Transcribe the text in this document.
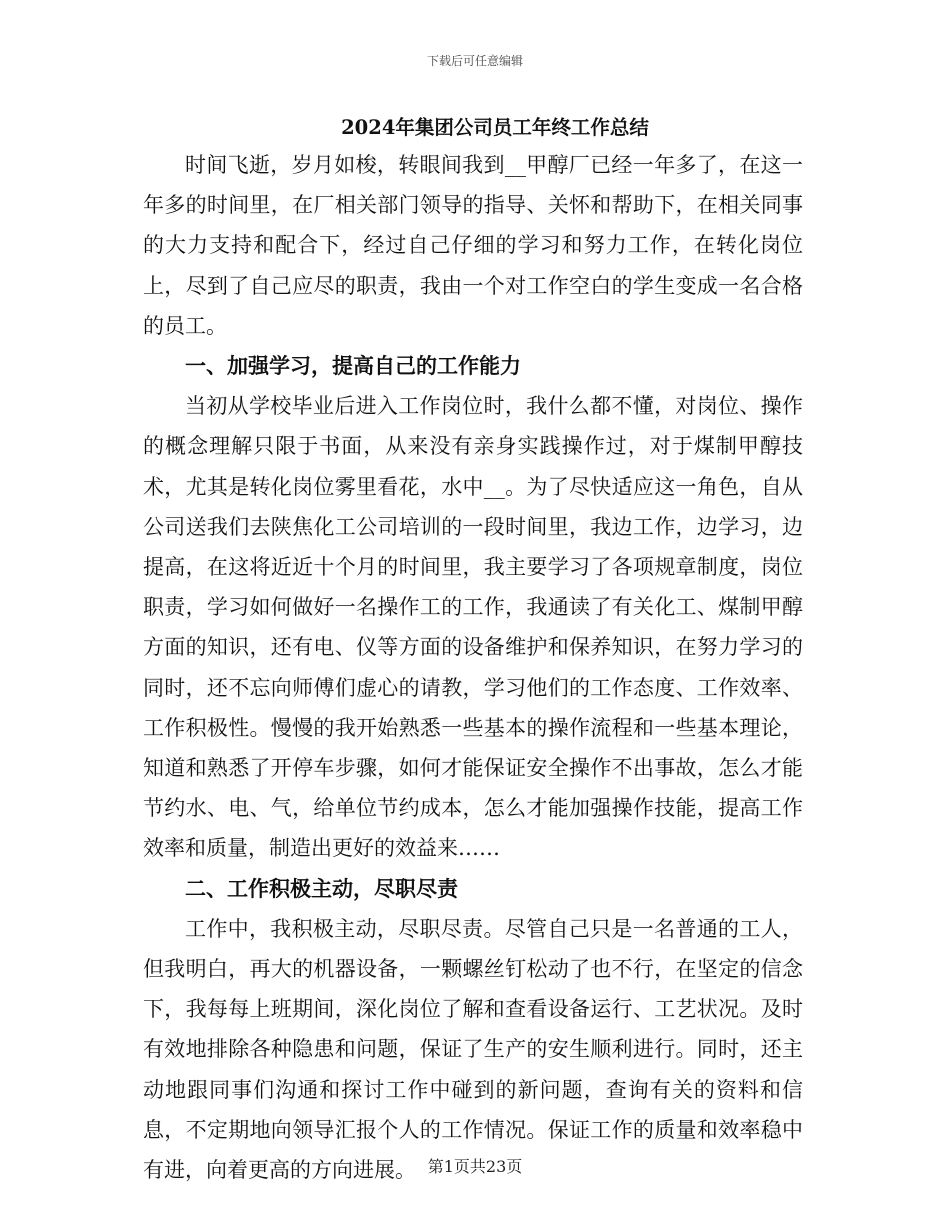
下载后可任意编辑
2024年集团公司员工年终工作总结

时间飞逝，岁月如梭，转眼间我到__甲醇厂已经一年多了，在这一年多的时间里，在厂相关部门领导的指导、关怀和帮助下，在相关同事的大力支持和配合下，经过自己仔细的学习和努力工作，在转化岗位上，尽到了自己应尽的职责，我由一个对工作空白的学生变成一名合格的员工。

一、加强学习，提高自己的工作能力

当初从学校毕业后进入工作岗位时，我什么都不懂，对岗位、操作的概念理解只限于书面，从来没有亲身实践操作过，对于煤制甲醇技术，尤其是转化岗位雾里看花，水中__。为了尽快适应这一角色，自从公司送我们去陕焦化工公司培训的一段时间里，我边工作，边学习，边提高，在这将近近十个月的时间里，我主要学习了各项规章制度，岗位职责，学习如何做好一名操作工的工作，我通读了有关化工、煤制甲醇方面的知识，还有电、仪等方面的设备维护和保养知识，在努力学习的同时，还不忘向师傅们虚心的请教，学习他们的工作态度、工作效率、工作积极性。慢慢的我开始熟悉一些基本的操作流程和一些基本理论，知道和熟悉了开停车步骤，如何才能保证安全操作不出事故，怎么才能节约水、电、气，给单位节约成本，怎么才能加强操作技能，提高工作效率和质量，制造出更好的效益来……

二、工作积极主动，尽职尽责

工作中，我积极主动，尽职尽责。尽管自己只是一名普通的工人，但我明白，再大的机器设备，一颗螺丝钉松动了也不行，在坚定的信念下，我每每上班期间，深化岗位了解和查看设备运行、工艺状况。及时有效地排除各种隐患和问题，保证了生产的安生顺利进行。同时，还主动地跟同事们沟通和探讨工作中碰到的新问题，查询有关的资料和信息，不定期地向领导汇报个人的工作情况。保证工作的质量和效率稳中有进，向着更高的方向进展。 第1页共23页
